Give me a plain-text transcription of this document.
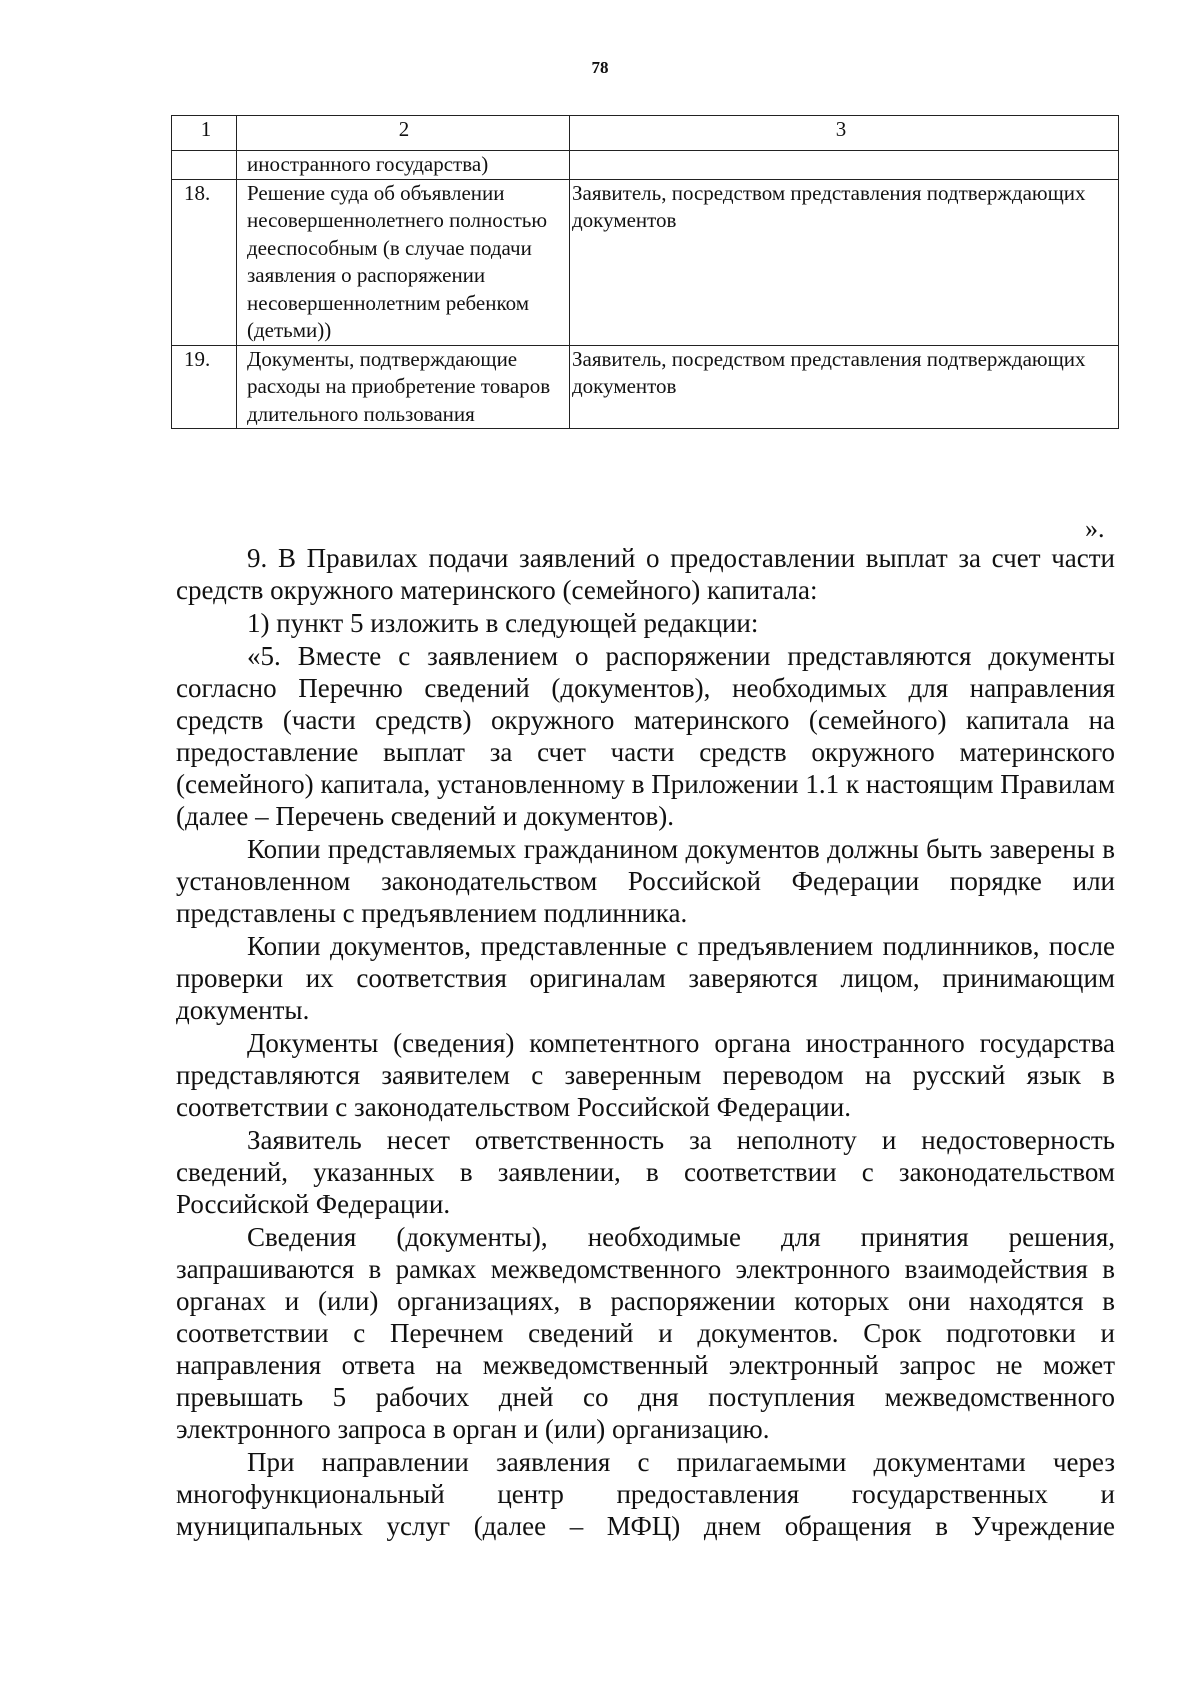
78
1	2	3
	иностранного государства)	
18.	Решение суда об объявлении несовершеннолетнего полностью дееспособным (в случае подачи заявления о распоряжении несовершеннолетним ребенком (детьми))	Заявитель, посредством представления подтверждающих документов
19.	Документы, подтверждающие расходы на приобретение товаров длительного пользования	Заявитель, посредством представления подтверждающих документов
».

9. В Правилах подачи заявлений о предоставлении выплат за счет части средств окружного материнского (семейного) капитала:

1) пункт 5 изложить в следующей редакции:

«5. Вместе с заявлением о распоряжении представляются документы согласно Перечню сведений (документов), необходимых для направления средств (части средств) окружного материнского (семейного) капитала на предоставление выплат за счет части средств окружного материнского (семейного) капитала, установленному в Приложении 1.1 к настоящим Правилам (далее – Перечень сведений и документов).

Копии представляемых гражданином документов должны быть заверены в установленном законодательством Российской Федерации порядке или представлены с предъявлением подлинника.

Копии документов, представленные с предъявлением подлинников, после проверки их соответствия оригиналам заверяются лицом, принимающим документы.

Документы (сведения) компетентного органа иностранного государства представляются заявителем с заверенным переводом на русский язык в соответствии с законодательством Российской Федерации.

Заявитель несет ответственность за неполноту и недостоверность сведений, указанных в заявлении, в соответствии с законодательством Российской Федерации.

Сведения (документы), необходимые для принятия решения, запрашиваются в рамках межведомственного электронного взаимодействия в органах и (или) организациях, в распоряжении которых они находятся в соответствии с Перечнем сведений и документов. Срок подготовки и направления ответа на межведомственный электронный запрос не может превышать 5 рабочих дней со дня поступления межведомственного электронного запроса в орган и (или) организацию.

При направлении заявления с прилагаемыми документами через многофункциональный центр предоставления государственных и муниципальных услуг (далее – МФЦ) днем обращения в Учреждение
